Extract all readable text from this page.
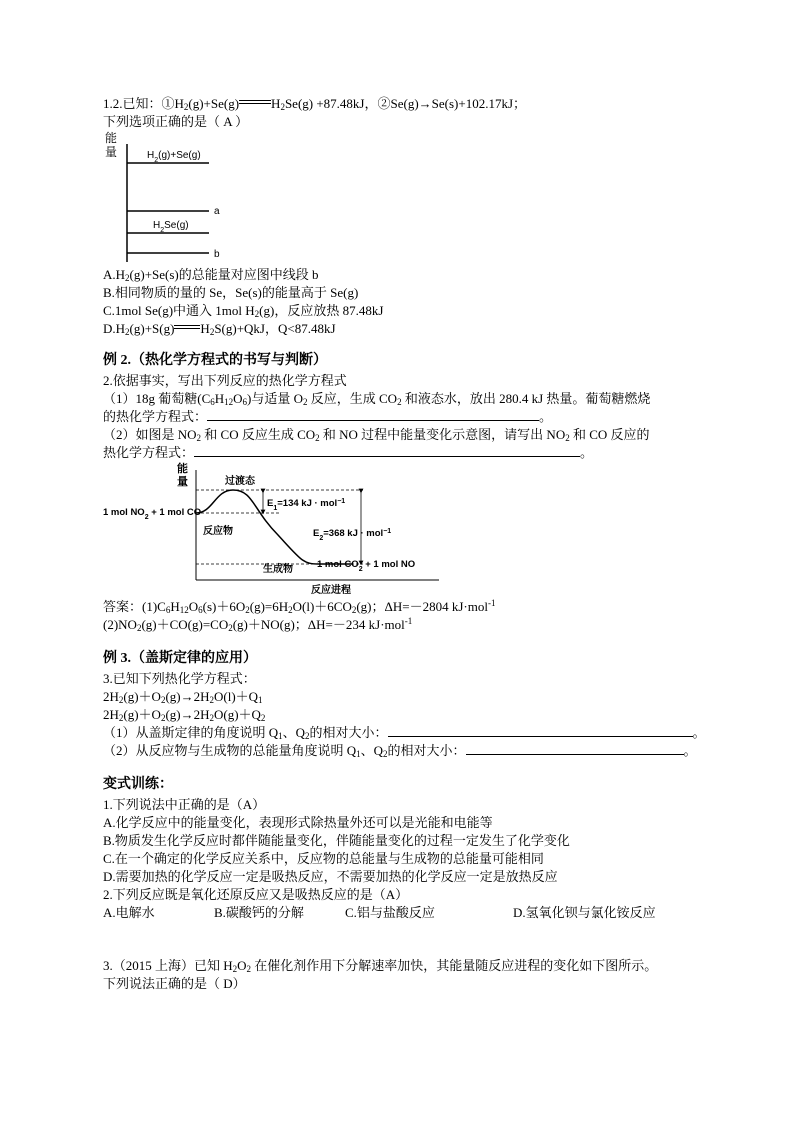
1.2.已知：$①H_2(g)+Se(g)$ $H_2Se(g) +87.48kJ$，②Se(g)→Se(s)+102.17kJ；
下列选项正确的是（ A ）
能
量	$H_2(g)+Se(g)$
a
$H_2Se(g)$
b
$A.H_2(g)+Se(s)$的总能量对应图中线段 b
B.相同物质的量的 Se，Se(s)的能量高于 Se(g)
C.1mol Se(g)中通入 1mol $H_2(g)$，反应放热 87.48kJ
$D.H_2(g)+S(g)$ $H_2S(g)+QkJ$，Q<87.48kJ
例 2.（热化学方程式的书写与判断）
2.依据事实，写出下列反应的热化学方程式
（1）18g 葡萄糖$(C_6H_{12}O_6)$与适量 $O_2$ 反应，生成 $CO_2$ 和液态水，放出 280.4 kJ 热量。葡萄糖燃烧
的热化学方程式：	。
（2）如图是 $NO_2$ 和 CO 反应生成 $CO_2$ 和 NO 过程中能量变化示意图，请写出 $NO_2$ 和 CO 反应的
热化学方程式：	。
能
量	过渡态
1 mol $NO_2 + 1$ mol CO
$E_1=134$ kJ · mol$^{-1}$
$E_2=368$ kJ · mol$^{-1}$
反应物
生成物	1 mol $CO_2 + 1$ mol NO
反应进程
答案：$(1)C_6H_{12}O_6(s)+6O_2(g)=6H_2O(l)+6CO_2(g)$；ΔH=－2804 kJ·mol$^{-1}$
$(2)NO_2(g)+CO(g)=CO_2(g)+NO(g)$；ΔH=－234 kJ·mol$^{-1}$
例 3.（盖斯定律的应用）
3.已知下列热化学方程式：
$2H_2(g)+O_2(g)\to 2H_2O(l)+Q_1$
$2H_2(g)+O_2(g)\to 2H_2O(g)+Q_2$
（1）从盖斯定律的角度说明 $Q_1$、$Q_2$的相对大小：	。
（2）从反应物与生成物的总能量角度说明 $Q_1$、$Q_2$的相对大小：	。
变式训练：
1.下列说法中正确的是（A）
A.化学反应中的能量变化，表现形式除热量外还可以是光能和电能等
B.物质发生化学反应时都伴随能量变化，伴随能量变化的过程一定发生了化学变化
C.在一个确定的化学反应关系中，反应物的总能量与生成物的总能量可能相同
D.需要加热的化学反应一定是吸热反应，不需要加热的化学反应一定是放热反应
2.下列反应既是氧化还原反应又是吸热反应的是（A）
A.电解水	B.碳酸钙的分解	C.铝与盐酸反应	D.氢氧化钡与氯化铵反应
3.（2015 上海）已知 $H_2O_2$ 在催化剂作用下分解速率加快，其能量随反应进程的变化如下图所示。
下列说法正确的是（ D）
